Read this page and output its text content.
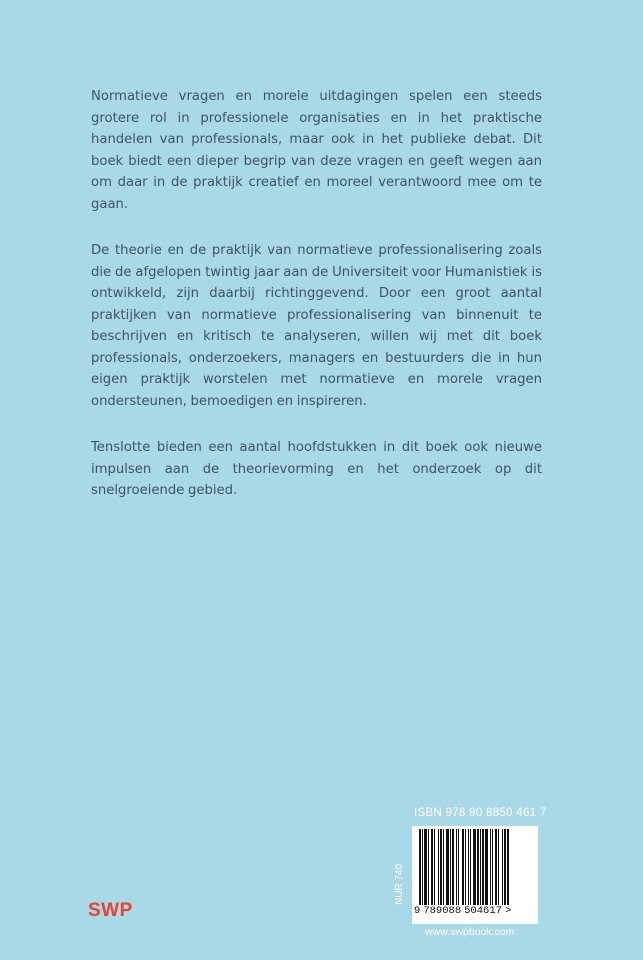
Normatieve vragen en morele uitdagingen spelen een steeds grotere rol in professionele organisaties en in het praktische handelen van professionals, maar ook in het publieke debat. Dit boek biedt een dieper begrip van deze vragen en geeft wegen aan om daar in de praktijk creatief en moreel verantwoord mee om te gaan.

De theorie en de praktijk van normatieve professionalisering zoals die de afgelopen twintig jaar aan de Universiteit voor Humanistiek is ontwikkeld, zijn daarbij richtinggevend. Door een groot aantal praktijken van normatieve professionalisering van binnenuit te beschrijven en kritisch te analyseren, willen wij met dit boek professionals, onderzoekers, managers en bestuurders die in hun eigen praktijk worstelen met normatieve en morele vragen ondersteunen, bemoedigen en inspireren.

Tenslotte bieden een aantal hoofdstukken in dit boek ook nieuwe impulsen aan de theorievorming en het onderzoek op dit snelgroeiende gebied.

SWP
ISBN 978 90 8850 461 7
NUR 740
9 789088 504617 >
www.swpbook.com
